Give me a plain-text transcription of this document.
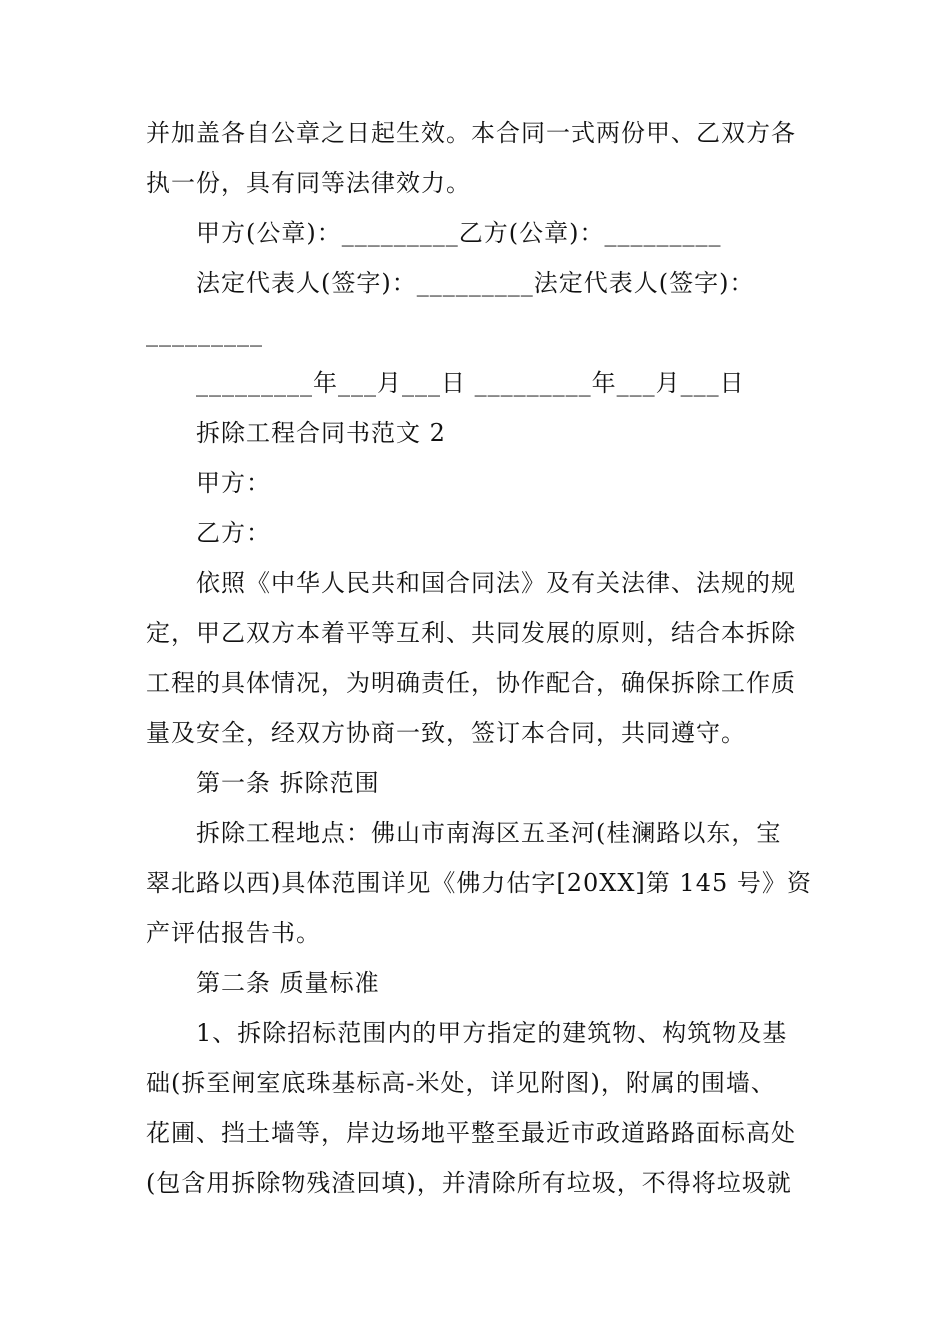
并加盖各自公章之日起生效。本合同一式两份甲、乙双方各
执一份，具有同等法律效力。
甲方(公章)：_________乙方(公章)：_________
法定代表人(签字)：_________法定代表人(签字)：
_________
_________年___月___日 _________年___月___日
拆除工程合同书范文 2
甲方：
乙方：
依照《中华人民共和国合同法》及有关法律、法规的规
定，甲乙双方本着平等互利、共同发展的原则，结合本拆除
工程的具体情况，为明确责任，协作配合，确保拆除工作质
量及安全，经双方协商一致，签订本合同，共同遵守。
第一条 拆除范围
拆除工程地点：佛山市南海区五圣河(桂澜路以东，宝
翠北路以西)具体范围详见《佛力估字[20XX]第 145 号》资
产评估报告书。
第二条 质量标准
1、拆除招标范围内的甲方指定的建筑物、构筑物及基
础(拆至闸室底珠基标高-米处，详见附图)，附属的围墙、
花圃、挡土墙等，岸边场地平整至最近市政道路路面标高处
(包含用拆除物残渣回填)，并清除所有垃圾，不得将垃圾就
